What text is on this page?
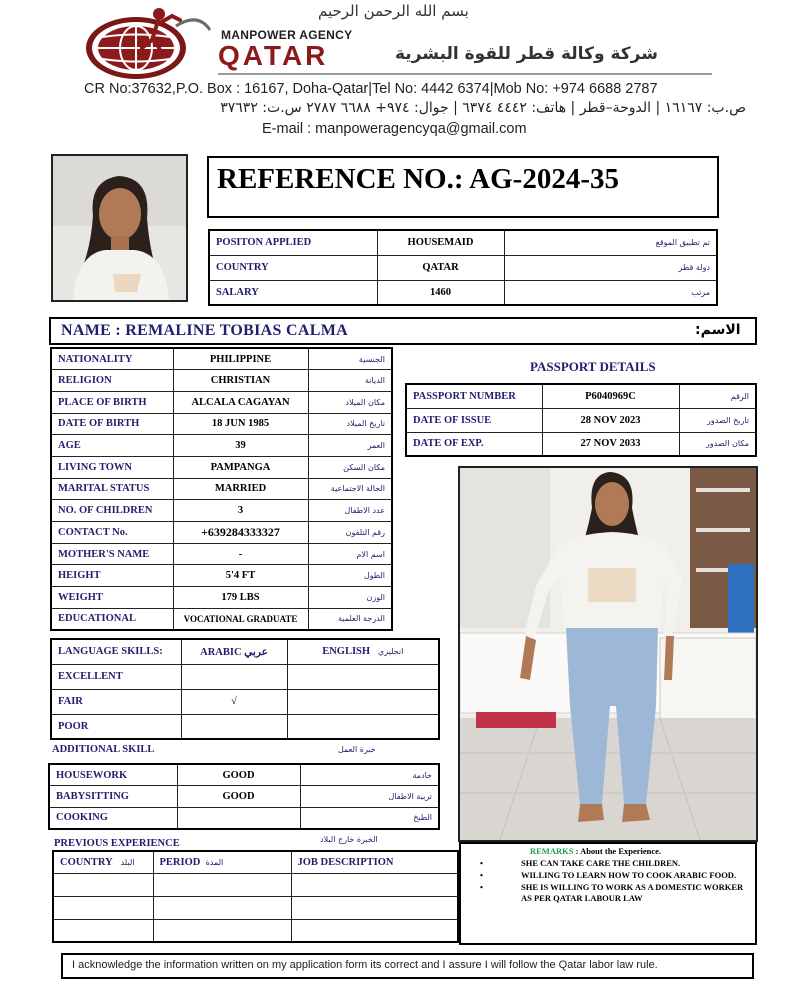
بسم الله الرحمن الرحيم
MANPOWER AGENCY
QATAR	شركة وكالة قطر للقوة البشرية
CR No:37632,P.O. Box : 16167, Doha-Qatar|Tel No: 4442 6374|Mob No: +974 6688 2787
ص.ب: ١٦١٦٧ | الدوحة–قطر | هاتف: ٤٤٤٢ ٦٣٧٤ | جوال: ٩٧٤+ ٦٦٨٨ ٢٧٨٧ س.ت: ٣٧٦٣٢
E-mail : manpoweragencyqa@gmail.com
REFERENCE NO.: AG-2024-35
POSITON APPLIED	HOUSEMAID	تم تطبيق الموقع
COUNTRY	QATAR	دولة قطر
SALARY	1460	مرتب
NAME : REMALINE TOBIAS CALMA	الاسم:
NATIONALITY	PHILIPPINE	الجنسية
RELIGION	CHRISTIAN	الديانة
PLACE OF BIRTH	ALCALA CAGAYAN	مكان الميلاد
DATE OF BIRTH	18 JUN 1985	تاريخ الميلاد
AGE	39	العمر
LIVING TOWN	PAMPANGA	مكان السكن
MARITAL STATUS	MARRIED	الحالة الاجتماعية
NO. OF CHILDREN	3	عدد الاطفال
CONTACT No.	+639284333327	رقم التلفون
MOTHER'S NAME	-	اسم الام
HEIGHT	5'4 FT	الطول
WEIGHT	179 LBS	الوزن
EDUCATIONAL	VOCATIONAL GRADUATE	الدرجة العلمية
PASSPORT DETAILS
PASSPORT NUMBER	P6040969C	الرقم
DATE OF ISSUE	28 NOV 2023	تاريخ الصدور
DATE OF EXP.	27 NOV 2033	مكان الصدور
LANGUAGE SKILLS:	ARABIC عربي	ENGLISH انجليزي
EXCELLENT		
FAIR	√	
POOR		
ADDITIONAL SKILL	خبرة العمل
HOUSEWORK	GOOD	خادمة
BABYSITTING	GOOD	تربية الاطفال
COOKING		الطبخ
PREVIOUS EXPERIENCE	الخبرة خارج البلاد
COUNTRY البلد	PERIOD المدة	JOB DESCRIPTION

REMARKS : About the Experience.
• SHE CAN TAKE CARE THE CHILDREN.
• WILLING TO LEARN HOW TO COOK ARABIC FOOD.
• SHE IS WILLING TO WORK AS A DOMESTIC WORKER AS PER QATAR LABOUR LAW
I acknowledge the information written on my application form its correct and I assure I will follow the Qatar labor law rule.
